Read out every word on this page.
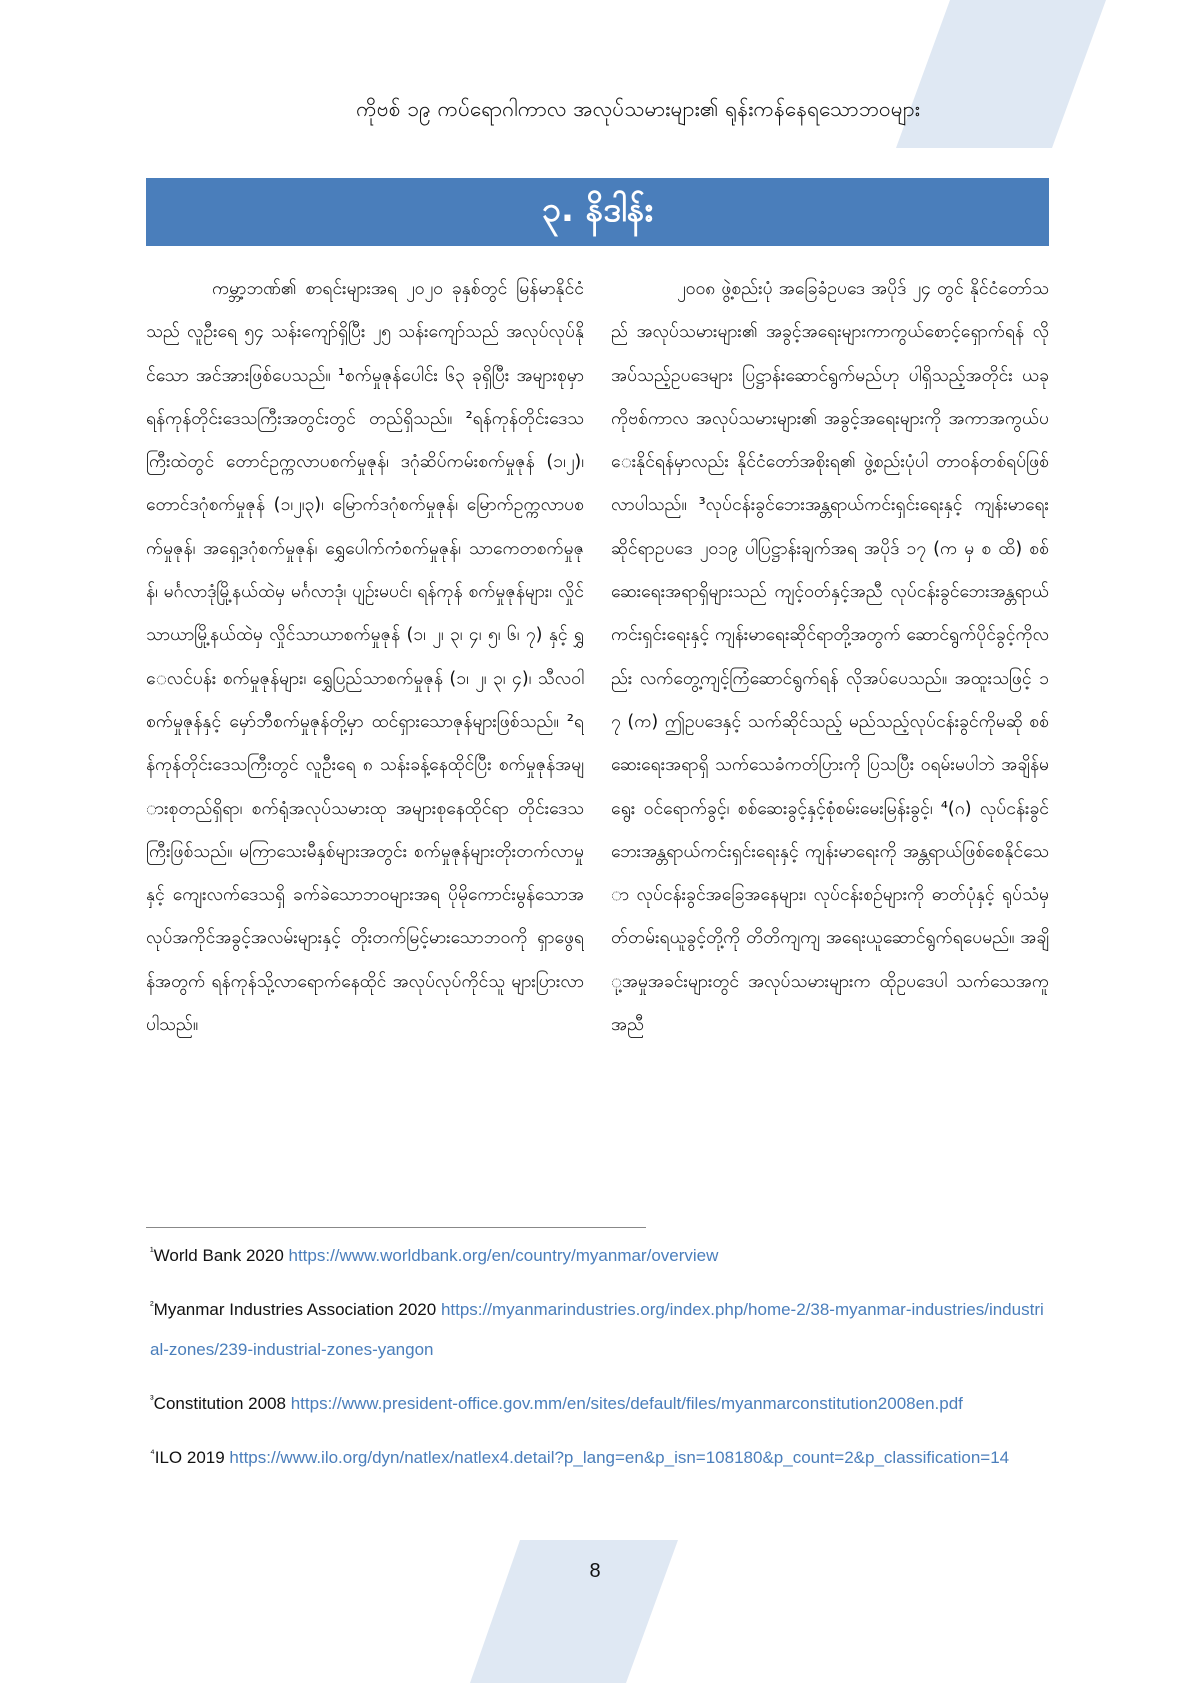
ကိုဗစ် ၁၉ ကပ်ရောဂါကာလ အလုပ်သမားများ၏ ရုန်းကန်နေရသောဘဝများ
၃. နိဒါန်း

ကမ္ဘာ့ဘဏ်၏ စာရင်းများအရ ၂၀၂၀ ခုနှစ်တွင် မြန်မာနိုင်ငံသည် လူဦးရေ ၅၄ သန်းကျော်ရှိပြီး ၂၅ သန်းကျော်သည် အလုပ်လုပ်နိုင်သော အင်အားဖြစ်ပေသည်။ ¹စက်မှုဇုန်ပေါင်း ၆၃ ခုရှိပြီး အများစုမှာ ရန်ကုန်တိုင်းဒေသကြီးအတွင်းတွင် တည်ရှိသည်။ ²ရန်ကုန်တိုင်းဒေသကြီးထဲတွင် တောင်ဥက္ကလာပစက်မှုဇုန်၊ ဒဂုံဆိပ်ကမ်းစက်မှုဇုန် (၁၊၂)၊ တောင်ဒဂုံစက်မှုဇုန် (၁၊၂၊၃)၊ မြောက်ဒဂုံစက်မှုဇုန်၊ မြောက်ဥက္ကလာပစက်မှုဇုန်၊ အရှေ့ဒဂုံစက်မှုဇုန်၊ ရွှေပေါက်ကံစက်မှုဇုန်၊ သာကေတစက်မှုဇုန်၊ မင်္ဂလာဒုံမြို့နယ်ထဲမှ မင်္ဂလာဒုံ၊ ပျဉ်းမပင်၊ ရန်ကုန် စက်မှုဇုန်များ၊ လှိုင်သာယာမြို့နယ်ထဲမှ လှိုင်သာယာစက်မှုဇုန် (၁၊ ၂၊ ၃၊ ၄၊ ၅၊ ၆၊ ၇) နှင့် ရွှေလင်ပန်း စက်မှုဇုန်များ၊ ရွှေပြည်သာစက်မှုဇုန် (၁၊ ၂၊ ၃၊ ၄)၊ သီလဝါစက်မှုဇုန်နှင့် မှော်ဘီစက်မှုဇုန်တို့မှာ ထင်ရှားသောဇုန်များဖြစ်သည်။ ²ရန်ကုန်တိုင်းဒေသကြီးတွင် လူဦးရေ ၈ သန်းခန့်နေထိုင်ပြီး စက်မှုဇုန်အများစုတည်ရှိရာ၊ စက်ရုံအလုပ်သမားထု အများစုနေထိုင်ရာ တိုင်းဒေသကြီးဖြစ်သည်။ မကြာသေးမီနှစ်များအတွင်း စက်မှုဇုန်များတိုးတက်လာမှုနှင့် ကျေးလက်ဒေသရှိ ခက်ခဲသောဘဝများအရ ပိုမိုကောင်းမွန်သောအလုပ်အကိုင်အခွင့်အလမ်းများနှင့် တိုးတက်မြင့်မားသောဘဝကို ရှာဖွေရန်အတွက် ရန်ကုန်သို့လာရောက်နေထိုင် အလုပ်လုပ်ကိုင်သူ များပြားလာပါသည်။

၂၀၀၈ ဖွဲ့စည်းပုံ အခြေခံဥပဒေ အပိုဒ် ၂၄ တွင် နိုင်ငံတော်သည် အလုပ်သမားများ၏ အခွင့်အရေးများကာကွယ်စောင့်ရှောက်ရန် လိုအပ်သည့်ဥပဒေများ ပြဋ္ဌာန်းဆောင်ရွက်မည်ဟု ပါရှိသည့်အတိုင်း ယခု ကိုဗစ်ကာလ အလုပ်သမားများ၏ အခွင့်အရေးများကို အကာအကွယ်ပေးနိုင်ရန်မှာလည်း နိုင်ငံတော်အစိုးရ၏ ဖွဲ့စည်းပုံပါ တာဝန်တစ်ရပ်ဖြစ်လာပါသည်။ ³လုပ်ငန်းခွင်ဘေးအန္တရာယ်ကင်းရှင်းရေးနှင့် ကျန်းမာရေးဆိုင်ရာဥပဒေ ၂၀၁၉ ပါပြဋ္ဌာန်းချက်အရ အပိုဒ် ၁၇ (က မှ စ ထိ) စစ်ဆေးရေးအရာရှိများသည် ကျင့်ဝတ်နှင့်အညီ လုပ်ငန်းခွင်ဘေးအန္တရာယ်ကင်းရှင်းရေးနှင့် ကျန်းမာရေးဆိုင်ရာတို့အတွက် ဆောင်ရွက်ပိုင်ခွင့်ကိုလည်း လက်တွေ့ကျင့်ကြံဆောင်ရွက်ရန် လိုအပ်ပေသည်။ အထူးသဖြင့် ၁၇ (က) ဤဥပဒေနှင့် သက်ဆိုင်သည့် မည်သည့်လုပ်ငန်းခွင်ကိုမဆို စစ်ဆေးရေးအရာရှိ သက်သေခံကတ်ပြားကို ပြသပြီး ဝရမ်းမပါဘဲ အချိန်မရွေး ဝင်ရောက်ခွင့်၊ စစ်ဆေးခွင့်နှင့်စုံစမ်းမေးမြန်းခွင့်၊ ⁴(ဂ) လုပ်ငန်းခွင်ဘေးအန္တရာယ်ကင်းရှင်းရေးနှင့် ကျန်းမာရေးကို အန္တရာယ်ဖြစ်စေနိုင်သော လုပ်ငန်းခွင်အခြေအနေများ၊ လုပ်ငန်းစဉ်များကို ဓာတ်ပုံနှင့် ရုပ်သံမှတ်တမ်းရယူခွင့်တို့ကို တိတိကျကျ အရေးယူဆောင်ရွက်ရပေမည်။ အချို့အမှုအခင်းများတွင် အလုပ်သမားများက ထိုဥပဒေပါ သက်သေအကူအညီ

$^{^1}$World Bank 2020 https://www.worldbank.org/en/country/myanmar/overview
$^{^2}$Myanmar Industries Association 2020 https://myanmarindustries.org/index.php/home-2/38-myanmar-industries/industrial-zones/239-industrial-zones-yangon
$^{^3}$Constitution 2008 https://www.president-office.gov.mm/en/sites/default/files/myanmarconstitution2008en.pdf
$^{^4}$ILO 2019 https://www.ilo.org/dyn/natlex/natlex4.detail?p_lang=en&p_isn=108180&p_count=2&p_classification=14
8
